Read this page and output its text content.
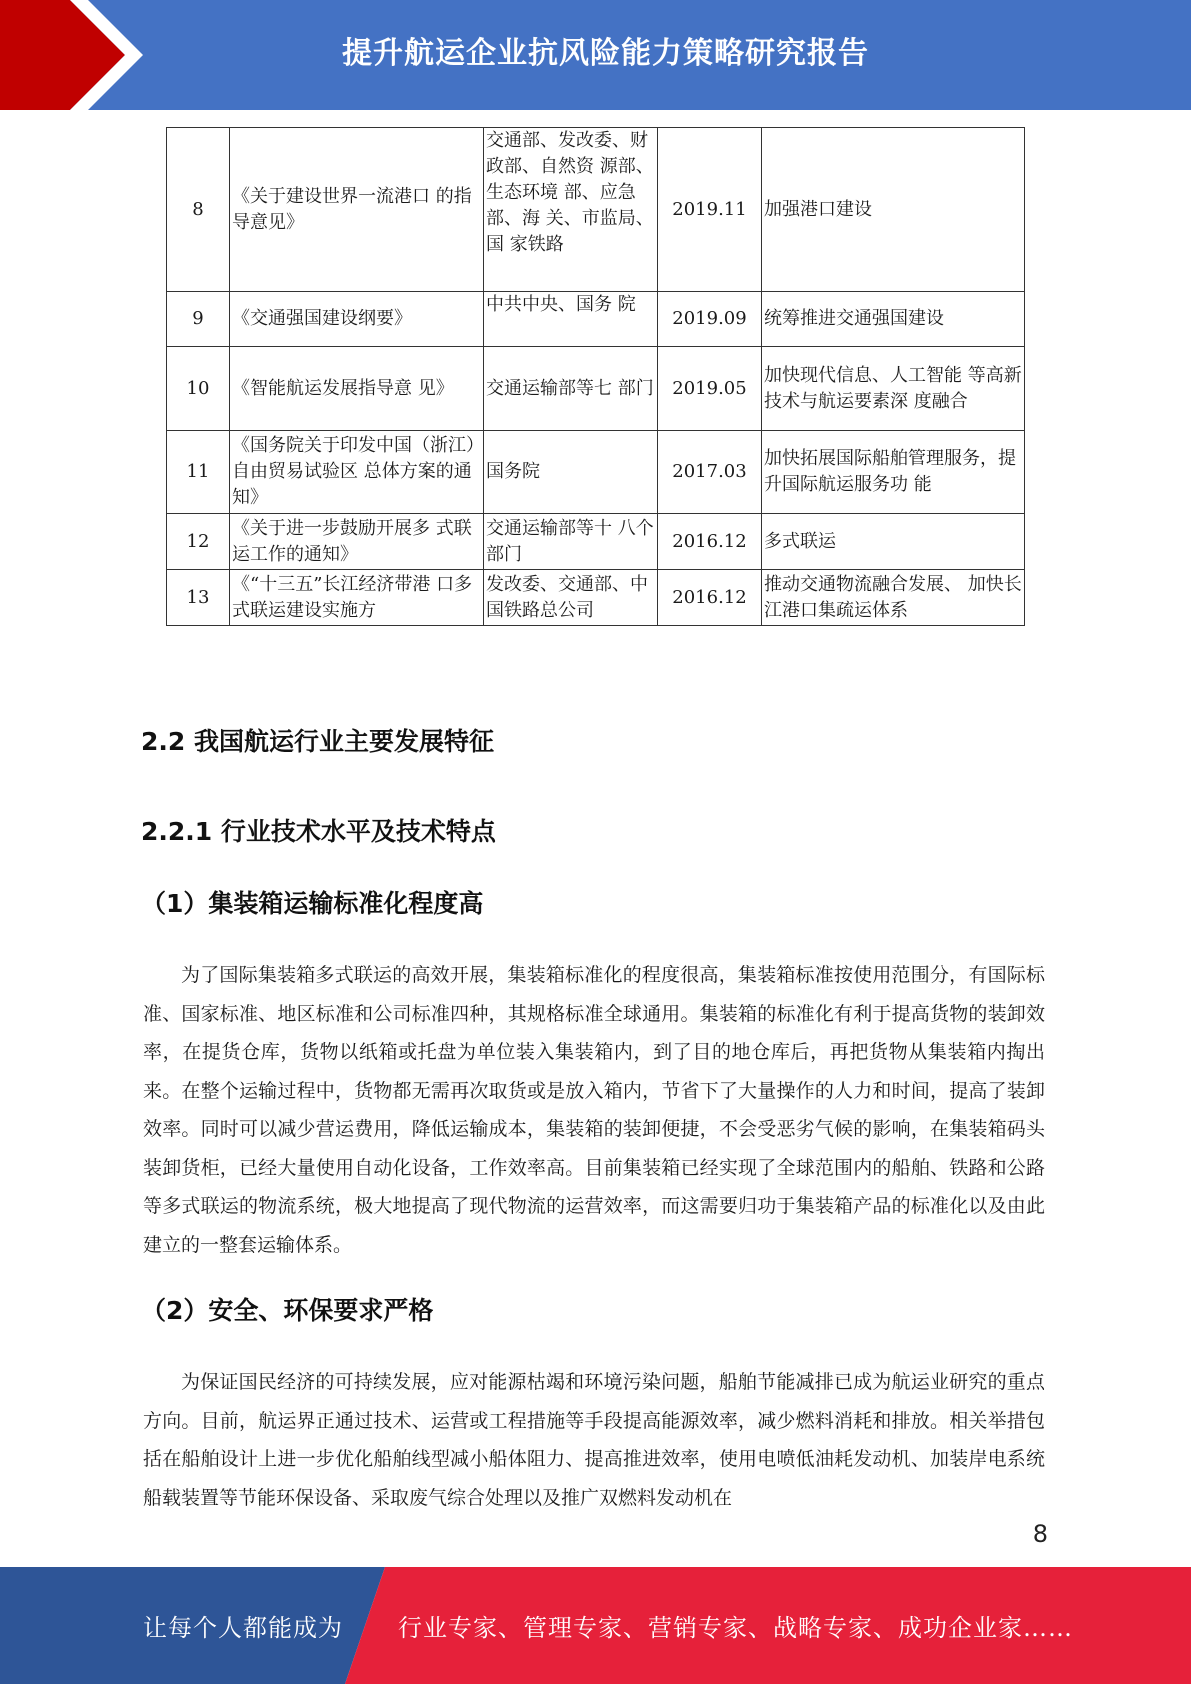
提升航运企业抗风险能力策略研究报告
8	《关于建设世界一流港口 的指导意见》	交通部、发改委、财政部、自然资 源部、生态环境 部、应急部、海 关、市监局、国 家铁路	2019.11	加强港口建设
9	《交通强国建设纲要》	中共中央、国务 院	2019.09	统筹推进交通强国建设
10	《智能航运发展指导意 见》	交通运输部等七 部门	2019.05	加快现代信息、人工智能 等高新技术与航运要素深 度融合
11	《国务院关于印发中国（浙江）自由贸易试验区 总体方案的通知》	国务院	2017.03	加快拓展国际船舶管理服务，提升国际航运服务功 能
12	《关于进一步鼓励开展多 式联运工作的通知》	交通运输部等十 八个部门	2016.12	多式联运
13	《“十三五”长江经济带港 口多式联运建设实施方	发改委、交通部、中国铁路总公司	2016.12	推动交通物流融合发展、 加快长江港口集疏运体系
2.2 我国航运行业主要发展特征
2.2.1 行业技术水平及技术特点
（1）集装箱运输标准化程度高

为了国际集装箱多式联运的高效开展，集装箱标准化的程度很高，集装箱标准按使用范围分，有国际标准、国家标准、地区标准和公司标准四种，其规格标准全球通用。集装箱的标准化有利于提高货物的装卸效率，在提货仓库，货物以纸箱或托盘为单位装入集装箱内，到了目的地仓库后，再把货物从集装箱内掏出来。在整个运输过程中，货物都无需再次取货或是放入箱内，节省下了大量操作的人力和时间，提高了装卸效率。同时可以减少营运费用，降低运输成本，集装箱的装卸便捷，不会受恶劣气候的影响，在集装箱码头装卸货柜，已经大量使用自动化设备，工作效率高。目前集装箱已经实现了全球范围内的船舶、铁路和公路等多式联运的物流系统，极大地提高了现代物流的运营效率，而这需要归功于集装箱产品的标准化以及由此建立的一整套运输体系。

（2）安全、环保要求严格

为保证国民经济的可持续发展，应对能源枯竭和环境污染问题，船舶节能减排已成为航运业研究的重点方向。目前，航运界正通过技术、运营或工程措施等手段提高能源效率，减少燃料消耗和排放。相关举措包括在船舶设计上进一步优化船舶线型减小船体阻力、提高推进效率，使用电喷低油耗发动机、加装岸电系统船载装置等节能环保设备、采取废气综合处理以及推广双燃料发动机在

8
让每个人都能成为 行业专家、管理专家、营销专家、战略专家、成功企业家……
